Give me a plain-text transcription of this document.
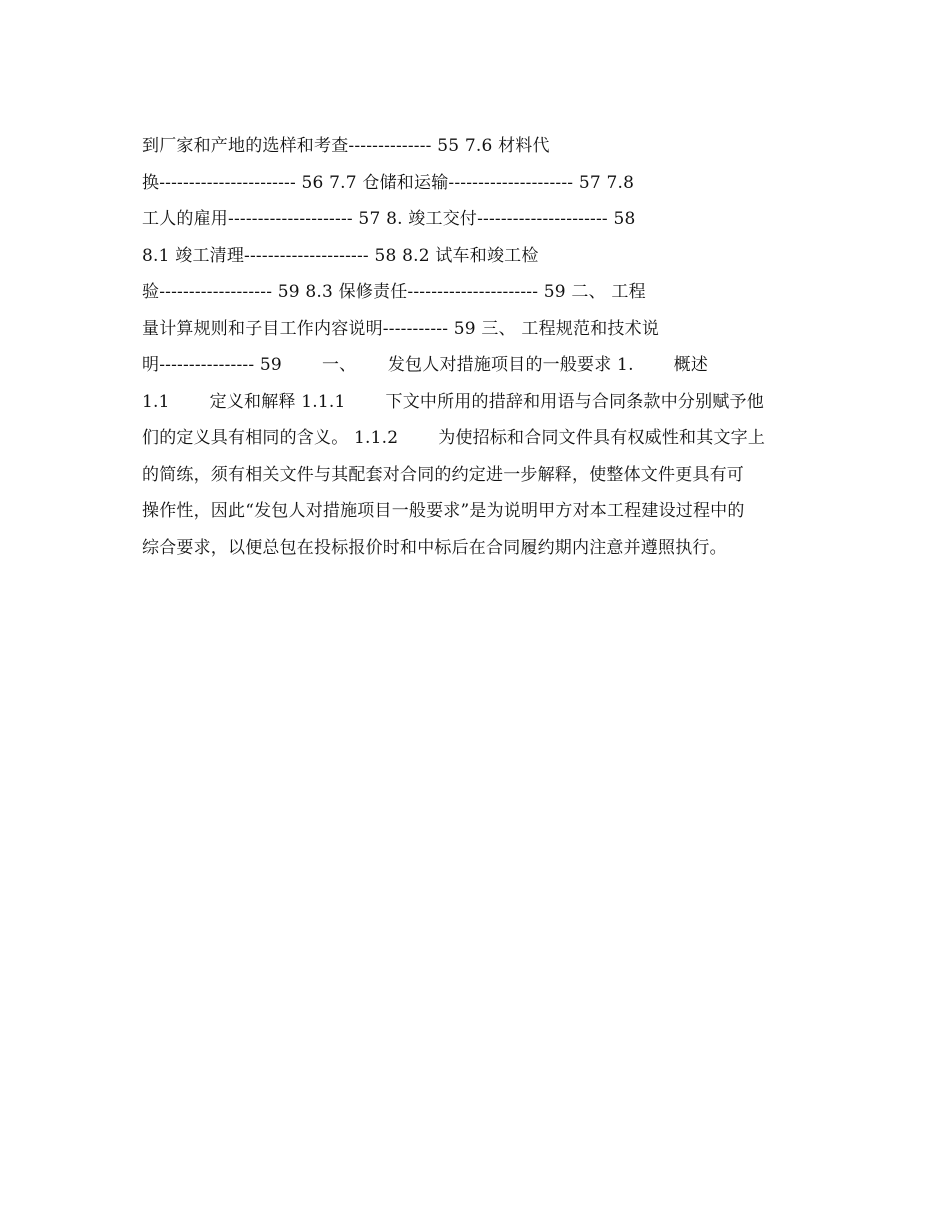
到厂家和产地的选样和考查-------------- 55 7.6 材料代
换----------------------- 56 7.7 仓储和运输--------------------- 57 7.8
工人的雇用--------------------- 57 8. 竣工交付---------------------- 58
8.1 竣工清理--------------------- 58 8.2 试车和竣工检
验------------------- 59 8.3 保修责任---------------------- 59 二、 工程
量计算规则和子目工作内容说明----------- 59 三、 工程规范和技术说
明---------------- 59　　 一、　　 发包人对措施项目的一般要求 1.　　 概述
1.1　　 定义和解释 1.1.1　　 下文中所用的措辞和用语与合同条款中分别赋予他
们的定义具有相同的含义。 1.1.2　　 为使招标和合同文件具有权威性和其文字上
的简练，须有相关文件与其配套对合同的约定进一步解释，使整体文件更具有可
操作性，因此“发包人对措施项目一般要求”是为说明甲方对本工程建设过程中的
综合要求，以便总包在投标报价时和中标后在合同履约期内注意并遵照执行。
